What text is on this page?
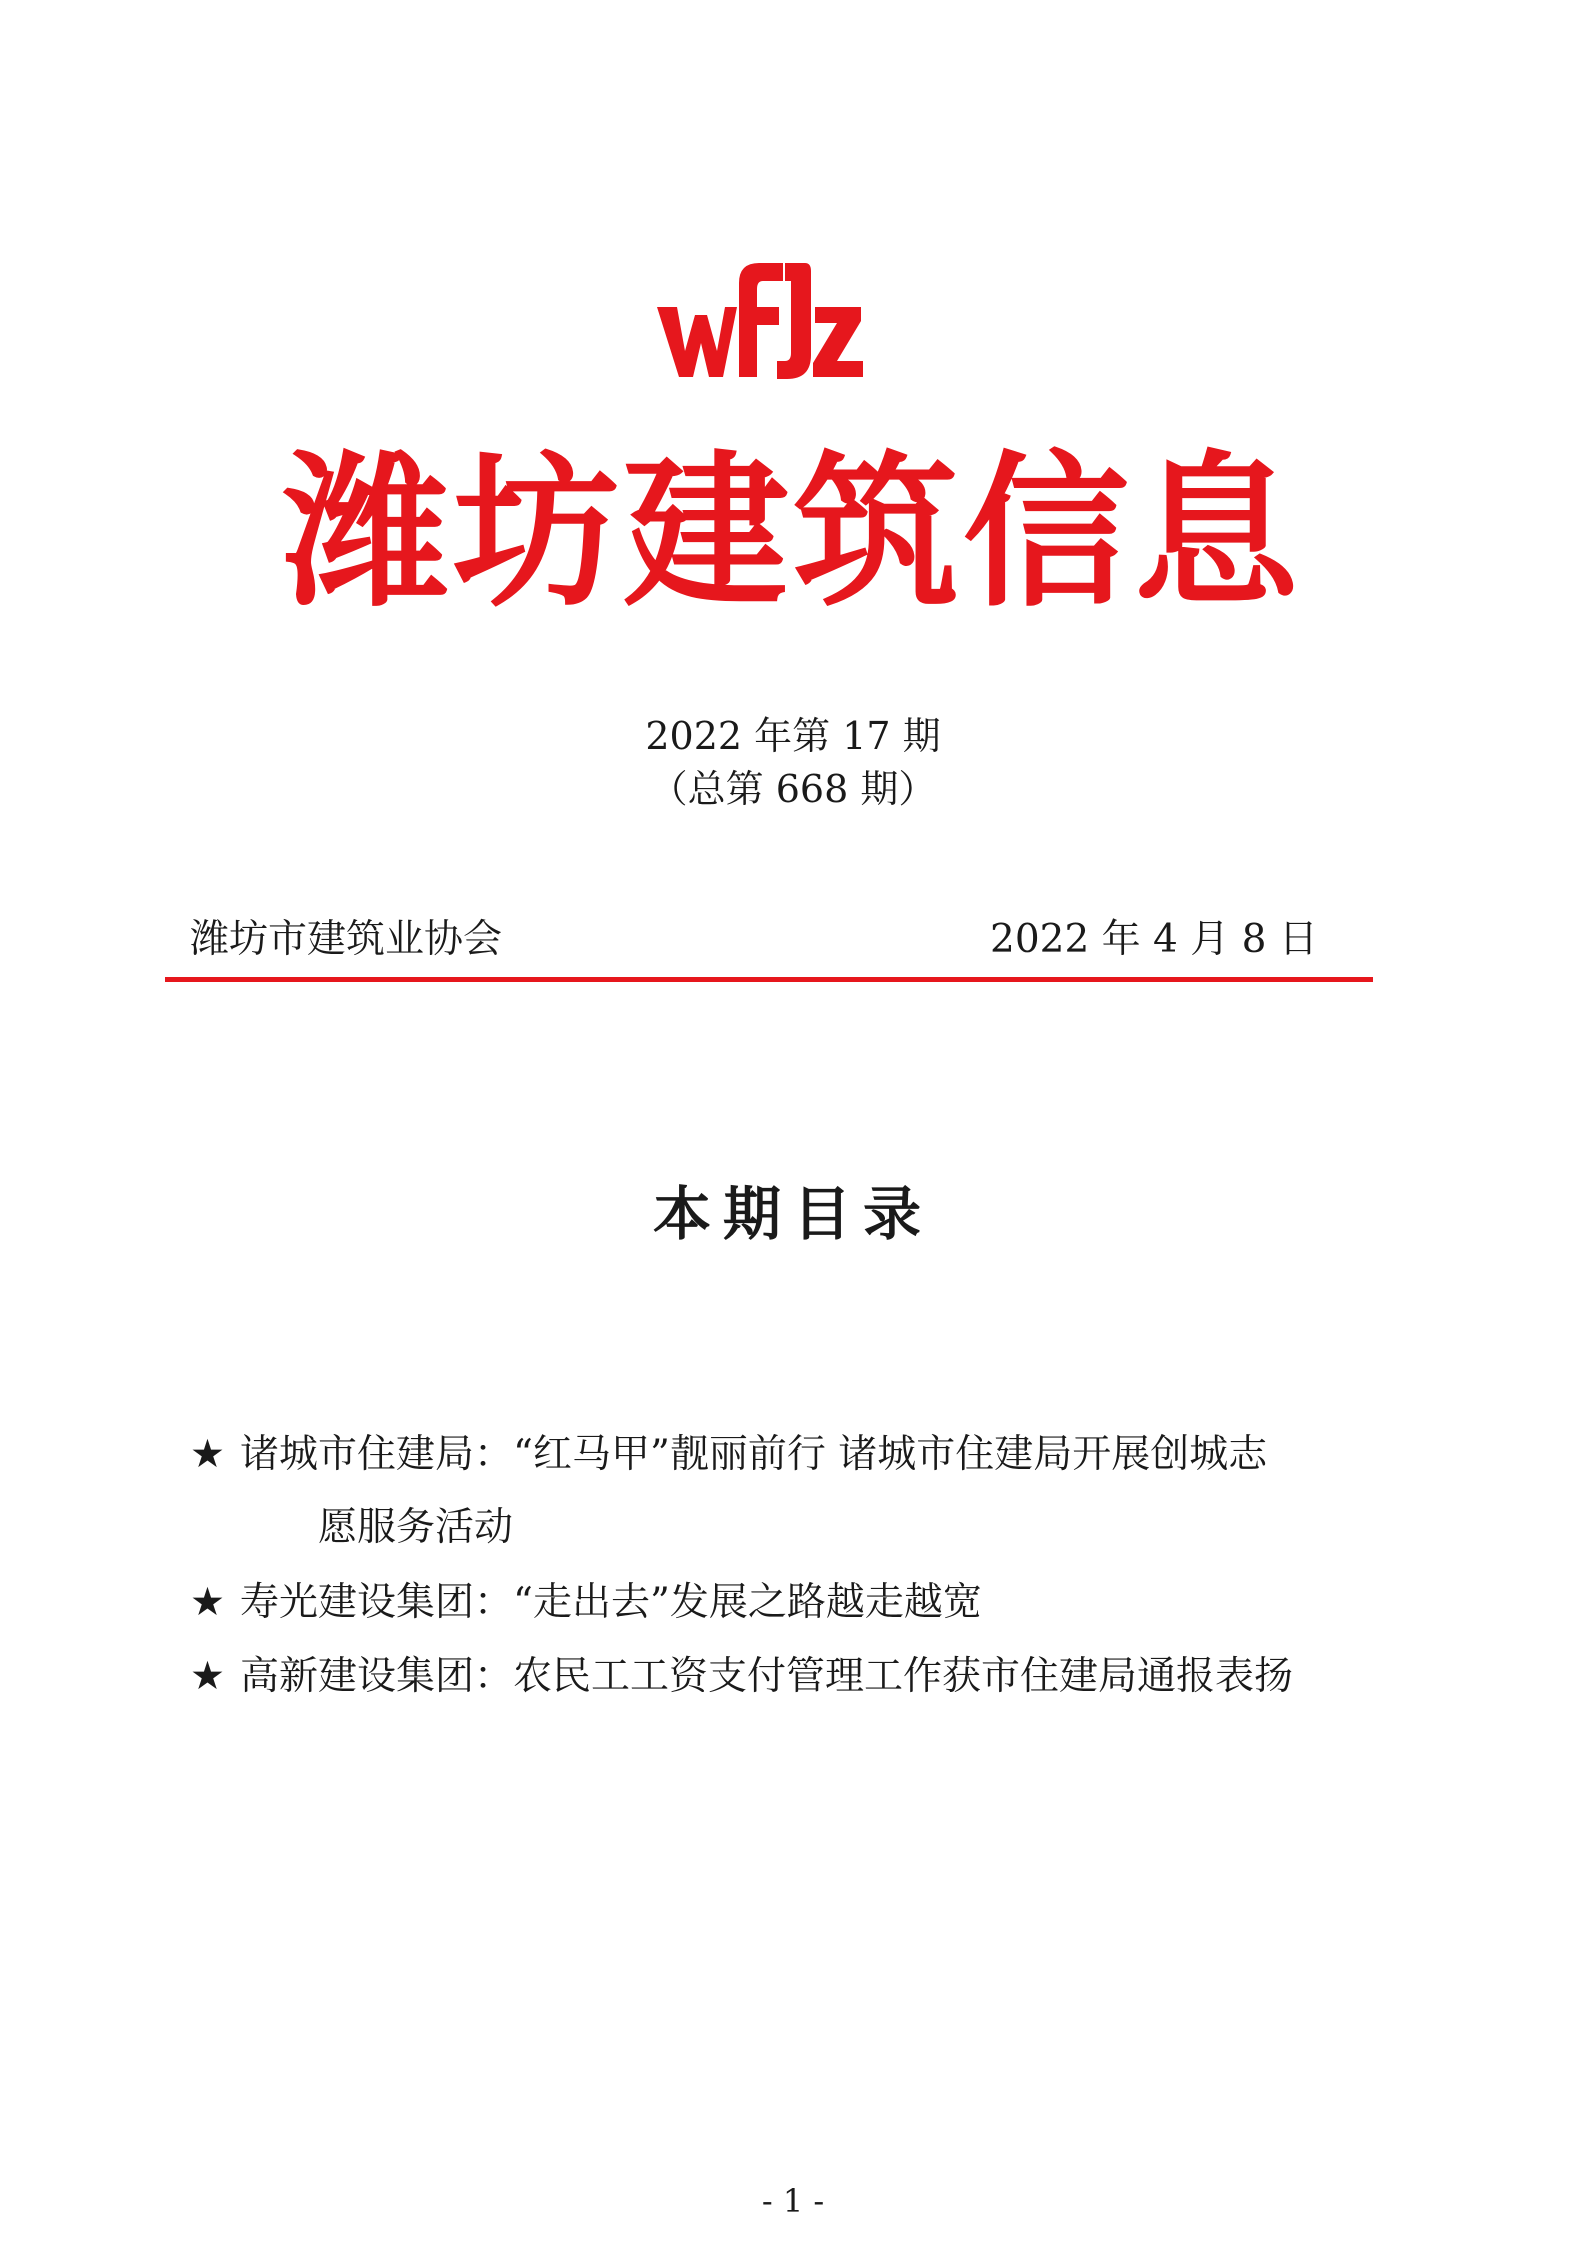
潍坊建筑信息
2022 年第 17 期
（总第 668 期）
潍坊市建筑业协会	2022 年 4 月 8 日
本期目录
★ 诸城市住建局：“红马甲”靓丽前行 诸城市住建局开展创城志
愿服务活动
★ 寿光建设集团：“走出去”发展之路越走越宽
★ 高新建设集团：农民工工资支付管理工作获市住建局通报表扬
- 1 -
